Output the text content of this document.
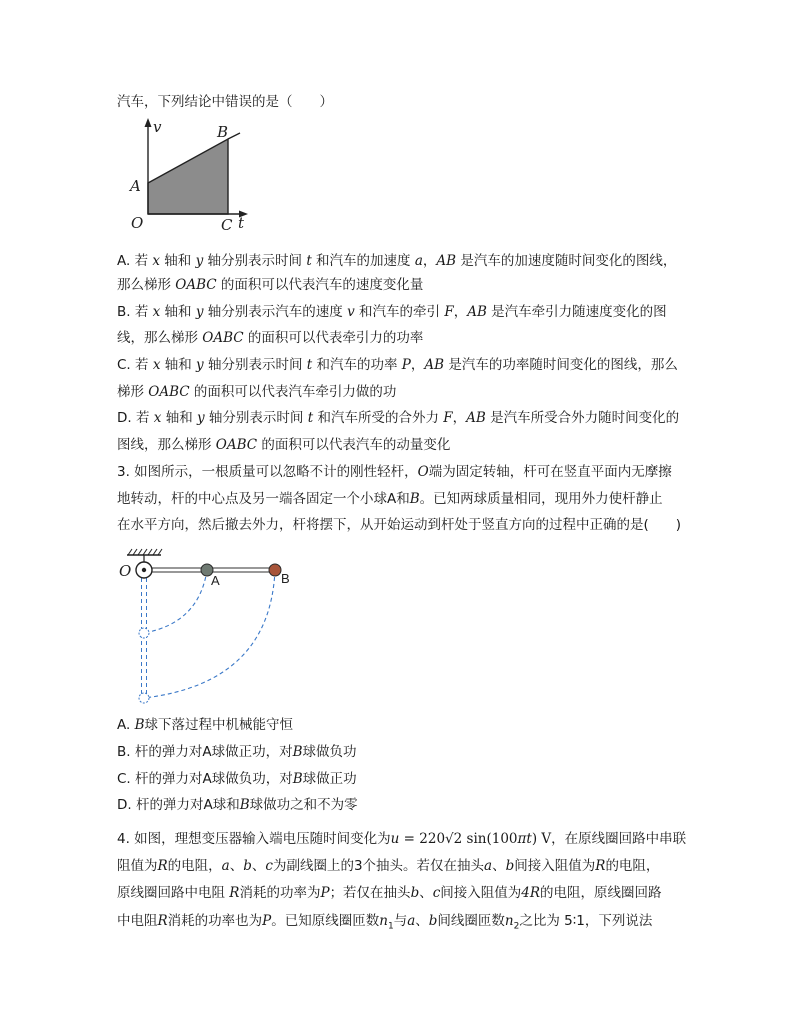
汽车，下列结论中错误的是（　　）
v	B
A
O	C t
A. 若 x 轴和 y 轴分别表示时间 t 和汽车的加速度 a，AB 是汽车的加速度随时间变化的图线，
那么梯形 OABC 的面积可以代表汽车的速度变化量
B. 若 x 轴和 y 轴分别表示汽车的速度 v 和汽车的牵引 F，AB 是汽车牵引力随速度变化的图
线，那么梯形 OABC 的面积可以代表牵引力的功率
C. 若 x 轴和 y 轴分别表示时间 t 和汽车的功率 P，AB 是汽车的功率随时间变化的图线，那么
梯形 OABC 的面积可以代表汽车牵引力做的功
D. 若 x 轴和 y 轴分别表示时间 t 和汽车所受的合外力 F，AB 是汽车所受合外力随时间变化的
图线，那么梯形 OABC 的面积可以代表汽车的动量变化
3. 如图所示，一根质量可以忽略不计的刚性轻杆，O端为固定转轴，杆可在竖直平面内无摩擦
地转动，杆的中心点及另一端各固定一个小球A和B。已知两球质量相同，现用外力使杆静止
在水平方向，然后撤去外力，杆将摆下，从开始运动到杆处于竖直方向的过程中正确的是(　　)
O
A	B
A. B球下落过程中机械能守恒
B. 杆的弹力对A球做正功，对B球做负功
C. 杆的弹力对A球做负功，对B球做正功
D. 杆的弹力对A球和B球做功之和不为零
4. 如图，理想变压器输入端电压随时间变化为u = 220√2 sin(100πt) V，在原线圈回路中串联
阻值为R的电阻，a、b、c为副线圈上的3个抽头。若仅在抽头a、b间接入阻值为R的电阻，
原线圈回路中电阻 R消耗的功率为P；若仅在抽头b、c间接入阻值为4R的电阻，原线圈回路
中电阻R消耗的功率也为P。已知原线圈匝数$n_1$与a、b间线圈匝数$n_2$之比为 5∶1，下列说法
